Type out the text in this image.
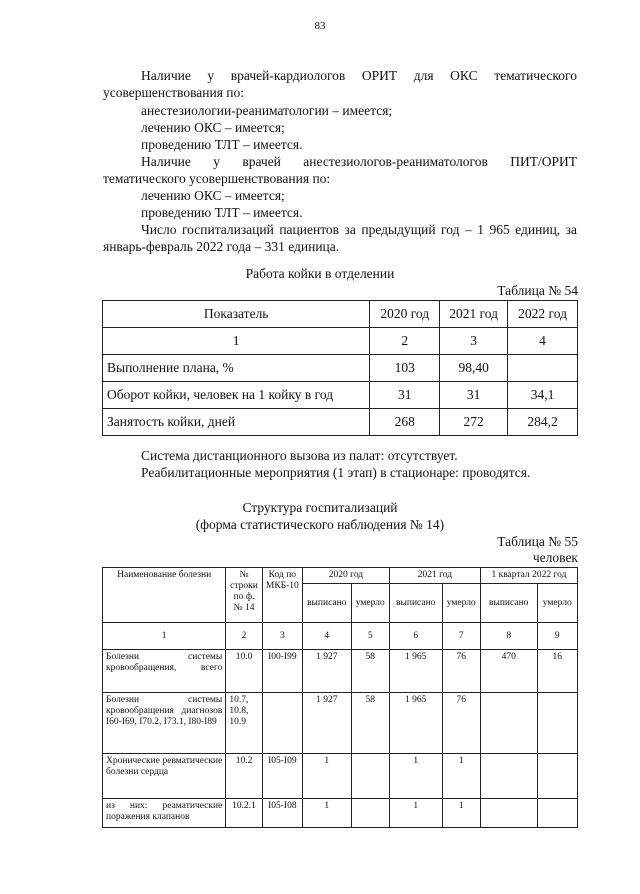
83
Наличие у врачей-кардиологов ОРИТ для ОКС тематического усовершенствования по:
анестезиологии-реаниматологии – имеется;
лечению ОКС – имеется;
проведению ТЛТ – имеется.
Наличие у врачей анестезиологов-реаниматологов ПИТ/ОРИТ тематического усовершенствования по:
лечению ОКС – имеется;
проведению ТЛТ – имеется.
Число госпитализаций пациентов за предыдущий год – 1 965 единиц, за январь-февраль 2022 года – 331 единица.
Работа койки в отделении
Таблица № 54
Показатель	2020 год	2021 год	2022 год
1	2	3	4
Выполнение плана, %	103	98,40	
Оборот койки, человек на 1 койку в год	31	31	34,1
Занятость койки, дней	268	272	284,2
Система дистанционного вызова из палат: отсутствует.
Реабилитационные мероприятия (1 этап) в стационаре: проводятся.
Структура госпитализаций
(форма статистического наблюдения № 14)
Таблица № 55
человек
Наименование болезни	№ строки по ф. № 14	Код по МКБ-10	2020 год		2021 год		1 квартал 2022 год	
			выписано	умерло	выписано	умерло	выписано	умерло
1	2	3	4	5	6	7	8	9
Болезни системы кровообращения, всего	10.0	I00-I99	1 927	58	1 965	76	470	16
Болезни системы кровообращения диагнозов I60-I69, I70.2, I73.1, I80-I89	10.7, 10.8, 10.9		1 927	58	1 965	76		
Хронические ревматические болезни сердца	10.2	I05-I09	1		1	1		
из них: реаматические поражения клапанов	10.2.1	I05-I08	1		1	1		
